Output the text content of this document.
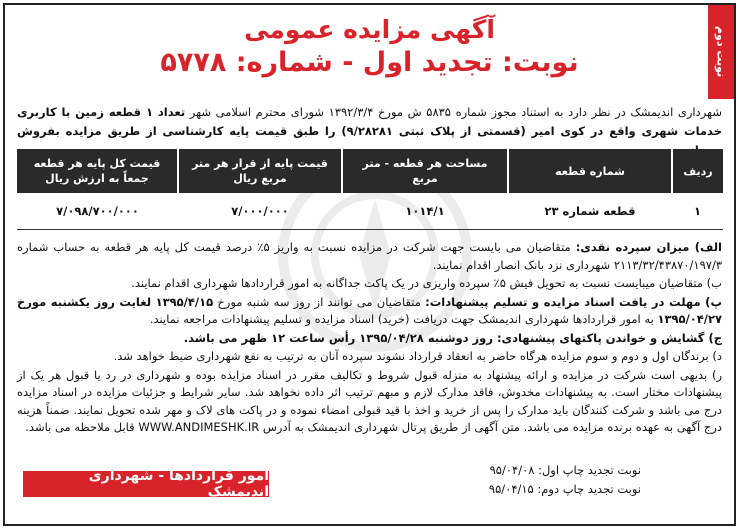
نوبت دوم
آگهی مزایده عمومی
نوبت: تجدید اول - شماره: ۵۷۷۸
شهرداری اندیمشک در نظر دارد به استناد مجوز شماره ۵۸۳۵ ش مورخ ۱۳۹۲/۳/۴ شورای محترم اسلامی شهر تعداد ۱ قطعه زمین با کاربری خدمات شهری واقع در کوی امیر (قسمتی از پلاک ثبتی ۹/۲۸۲۸۱) را طبق قیمت پایه کارشناسی از طریق مزایده بفروش
ردیف	شماره قطعه	مساحت هر قطعه - متر مربع	قیمت پایه از قرار هر متر مربع ریال	قیمت کل پایه هر قطعه جمعاً به ارزش ریال
۱	قطعه شماره ۲۳	۱۰۱۴/۱	۷/۰۰۰/۰۰۰	۷/۰۹۸/۷۰۰/۰۰۰

الف) میزان سپرده نقدی: متقاضیان می بایست جهت شرکت در مزایده نسبت به واریز ۵٪ درصد قیمت کل پایه هر قطعه به حساب شماره ۲۱۱۳/۳۲/۴۳۸۷۰/۱۹۷/۳ شهرداری نزد بانک انصار اقدام نمایند.

ب) متقاضیان میبایست نسبت به تحویل فیش ۵٪ سپرده واریزی در یک پاکت جداگانه به امور قراردادها شهرداری اقدام نمایند.

پ) مهلت در یافت اسناد مزایده و تسلیم پیشنهادات: متقاضیان می توانند از روز سه شنبه مورخ ۱۳۹۵/۴/۱۵ لغایت روز یکشنبه مورخ ۱۳۹۵/۰۴/۲۷ به امور قراردادها شهرداری اندیمشک جهت دریافت (خرید) اسناد مزایده و تسلیم پیشنهادات مراجعه نمایند.

ج) گشایش و خواندن پاکتهای پیشنهادی: روز دوشنبه ۱۳۹۵/۰۴/۲۸ رأس ساعت ۱۲ ظهر می باشد.

د) برندگان اول و دوم و سوم مزایده هرگاه حاضر به انعقاد قرارداد نشوند سپرده آنان به ترتیب به نفع شهرداری ضبط خواهد شد.

ر) بدیهی است شرکت در مزایده و ارائه پیشنهاد به منزله قبول شروط و تکالیف مقرر در اسناد مزایده بوده و شهرداری در رد یا قبول هر یک از پیشنهادات مختار است. به پیشنهادات مخدوش، فاقد مدارک لازم و مبهم ترتیب اثر داده نخواهد شد. سایر شرایط و جزئیات مزایده در اسناد مزایده درج می باشد و شرکت کنندگان باید مدارک را پس از خرید و اخذ با قید قبولی امضاء نموده و در پاکت های لاک و مهر شده تحویل نمایند. ضمناً هزینه درج آگهی به عهده برنده مزایده می باشد. متن آگهی از طریق پرتال شهرداری اندیمشک به آدرس WWW.ANDIMESHK.IR قابل ملاحظه می باشد.

نوبت تجدید چاپ اول: ۹۵/۰۴/۰۸
نوبت تجدید چاپ دوم: ۹۵/۰۴/۱۵
امور قراردادها - شهرداری اندیمشک
